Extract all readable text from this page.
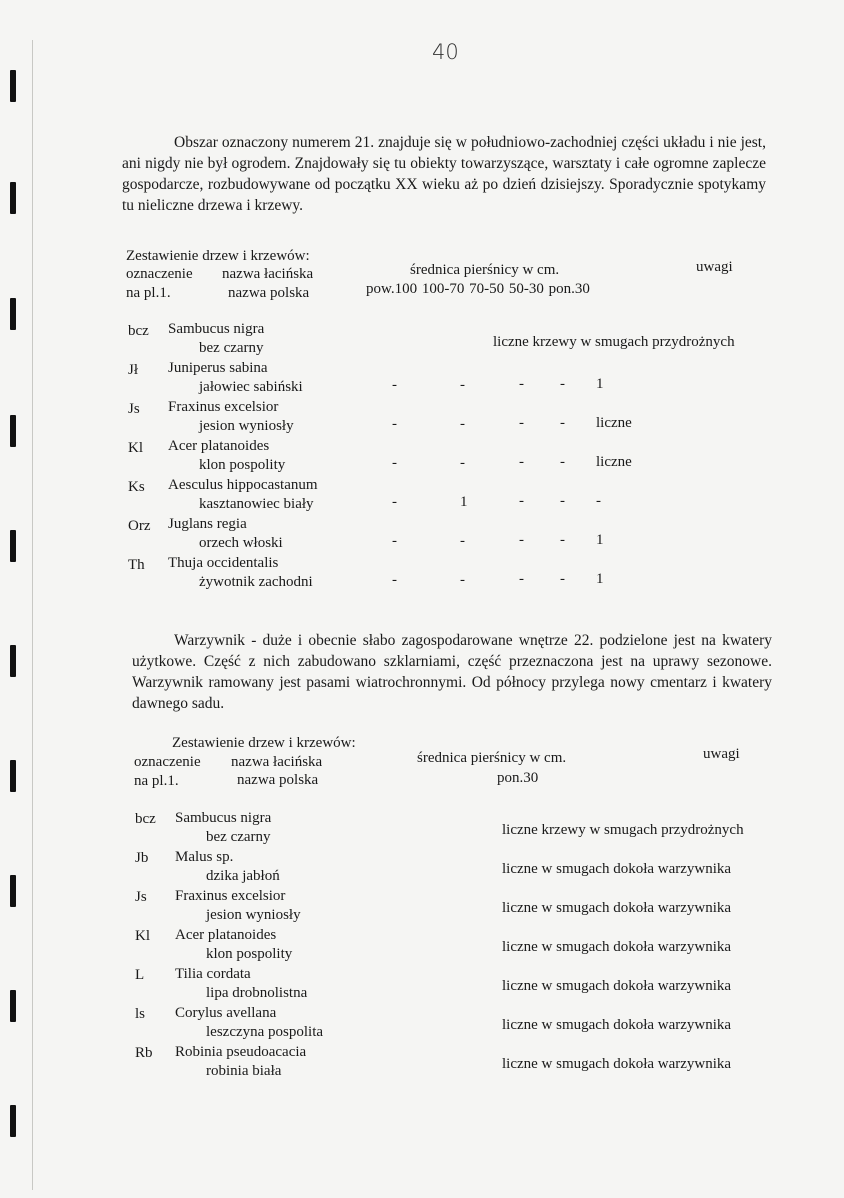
40
Obszar oznaczony numerem 21. znajduje się w południowo-zachodniej części układu i nie jest, ani nigdy nie był ogrodem. Znajdowały się tu obiekty towarzyszące, warsztaty i całe ogromne zaplecze gospodarcze, rozbudowywane od początku XX wieku aż po dzień dzisiejszy. Sporadycznie spotykamy tu nieliczne drzewa i krzewy.
Zestawienie drzew i krzewów:
oznaczenie nazwa łacińska	średnica pierśnicy w cm.	uwagi
na pl.1.	nazwa polska	pow.100 100-70 70-50 50-30 pon.30
bcz Sambucus nigra
bez czarny	liczne krzewy w smugach przydrożnych
Jł Juniperus sabina
jałowiec sabiński	-	-	- - 1
Js Fraxinus excelsior
jesion wyniosły	-	-	- - liczne
Kl Acer platanoides
klon pospolity	-	-	- - liczne
Ks Aesculus hippocastanum
kasztanowiec biały	-	1	- - -
Orz Juglans regia
orzech włoski	-	-	- - 1
Th Thuja occidentalis
żywotnik zachodni	-	-	- - 1
Warzywnik - duże i obecnie słabo zagospodarowane wnętrze 22. podzielone jest na kwatery użytkowe. Część z nich zabudowano szklarniami, część przeznaczona jest na uprawy sezonowe. Warzywnik ramowany jest pasami wiatrochronnymi. Od północy przylega nowy cmentarz i kwatery dawnego sadu.
Zestawienie drzew i krzewów:
oznaczenie nazwa łacińska	średnica pierśnicy w cm.	uwagi
na pl.1.	nazwa polska	pon.30
bcz Sambucus nigra
bez czarny	liczne krzewy w smugach przydrożnych
Jb Malus sp.
dzika jabłoń	liczne w smugach dokoła warzywnika
Js Fraxinus excelsior
jesion wyniosły	liczne w smugach dokoła warzywnika
Kl Acer platanoides
klon pospolity	liczne w smugach dokoła warzywnika
L Tilia cordata
lipa drobnolistna	liczne w smugach dokoła warzywnika
ls Corylus avellana
leszczyna pospolita	liczne w smugach dokoła warzywnika
Rb Robinia pseudoacacia
robinia biała	liczne w smugach dokoła warzywnika
